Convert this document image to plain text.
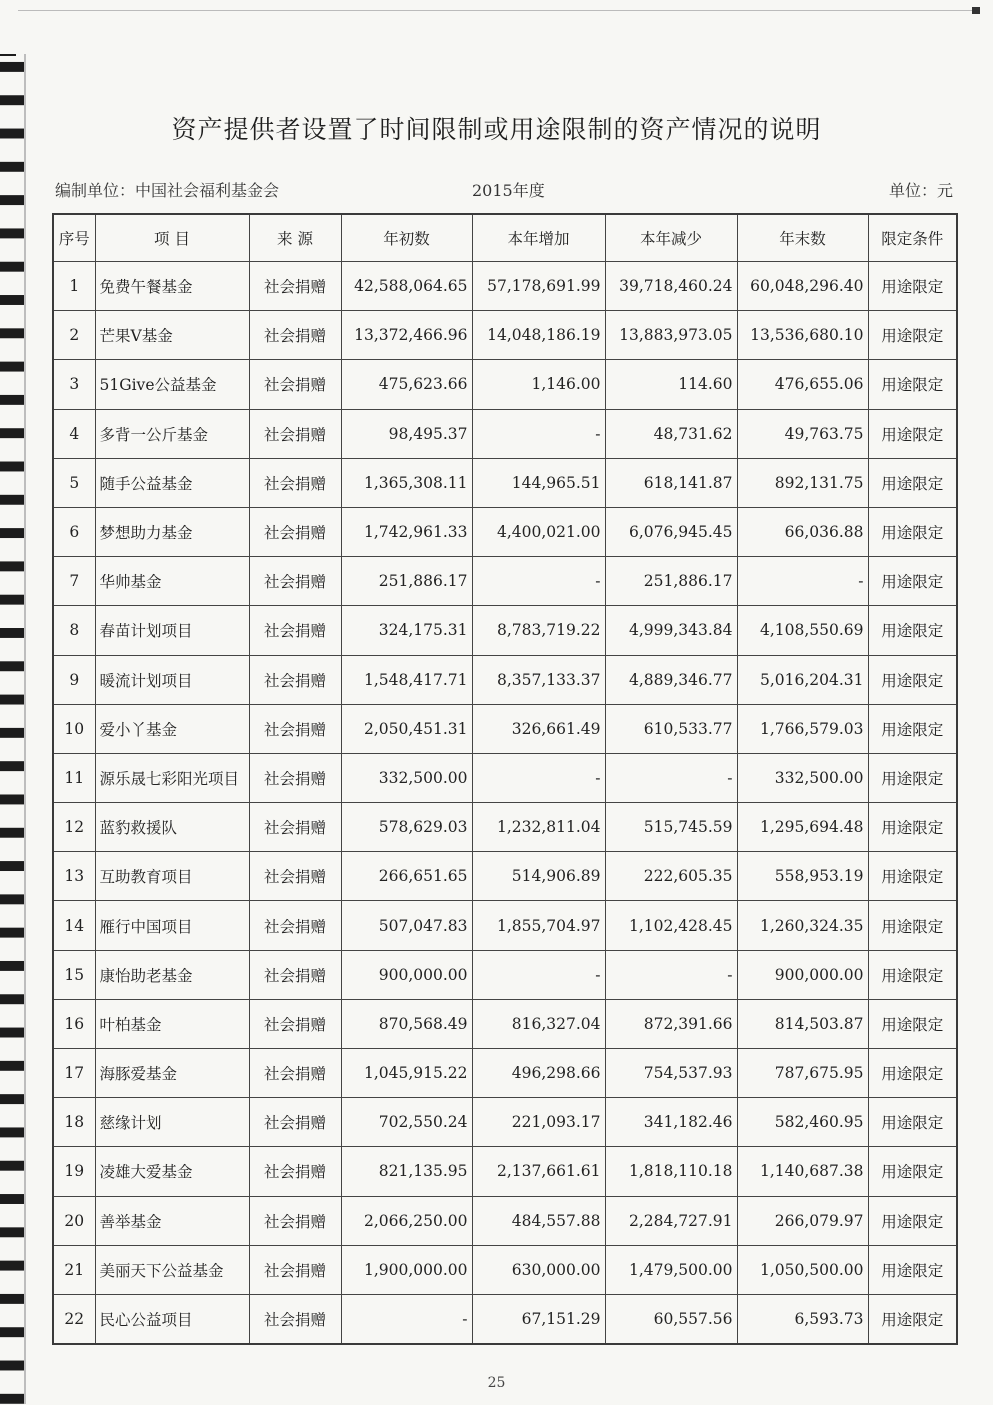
资产提供者设置了时间限制或用途限制的资产情况的说明
编制单位：中国社会福利基金会	2015年度	单位：元
序号	项 目	来 源	年初数	本年增加	本年减少	年末数	限定条件
1	免费午餐基金	社会捐赠	42,588,064.65	57,178,691.99	39,718,460.24	60,048,296.40	用途限定
2	芒果V基金	社会捐赠	13,372,466.96	14,048,186.19	13,883,973.05	13,536,680.10	用途限定
3	51Give公益基金	社会捐赠	475,623.66	1,146.00	114.60	476,655.06	用途限定
4	多背一公斤基金	社会捐赠	98,495.37	-	48,731.62	49,763.75	用途限定
5	随手公益基金	社会捐赠	1,365,308.11	144,965.51	618,141.87	892,131.75	用途限定
6	梦想助力基金	社会捐赠	1,742,961.33	4,400,021.00	6,076,945.45	66,036.88	用途限定
7	华帅基金	社会捐赠	251,886.17	-	251,886.17	-	用途限定
8	春苗计划项目	社会捐赠	324,175.31	8,783,719.22	4,999,343.84	4,108,550.69	用途限定
9	暖流计划项目	社会捐赠	1,548,417.71	8,357,133.37	4,889,346.77	5,016,204.31	用途限定
10	爱小丫基金	社会捐赠	2,050,451.31	326,661.49	610,533.77	1,766,579.03	用途限定
11	源乐晟七彩阳光项目	社会捐赠	332,500.00	-	-	332,500.00	用途限定
12	蓝豹救援队	社会捐赠	578,629.03	1,232,811.04	515,745.59	1,295,694.48	用途限定
13	互助教育项目	社会捐赠	266,651.65	514,906.89	222,605.35	558,953.19	用途限定
14	雁行中国项目	社会捐赠	507,047.83	1,855,704.97	1,102,428.45	1,260,324.35	用途限定
15	康怡助老基金	社会捐赠	900,000.00	-	-	900,000.00	用途限定
16	叶柏基金	社会捐赠	870,568.49	816,327.04	872,391.66	814,503.87	用途限定
17	海豚爱基金	社会捐赠	1,045,915.22	496,298.66	754,537.93	787,675.95	用途限定
18	慈缘计划	社会捐赠	702,550.24	221,093.17	341,182.46	582,460.95	用途限定
19	凌雄大爱基金	社会捐赠	821,135.95	2,137,661.61	1,818,110.18	1,140,687.38	用途限定
20	善举基金	社会捐赠	2,066,250.00	484,557.88	2,284,727.91	266,079.97	用途限定
21	美丽天下公益基金	社会捐赠	1,900,000.00	630,000.00	1,479,500.00	1,050,500.00	用途限定
22	民心公益项目	社会捐赠	-	67,151.29	60,557.56	6,593.73	用途限定
25
